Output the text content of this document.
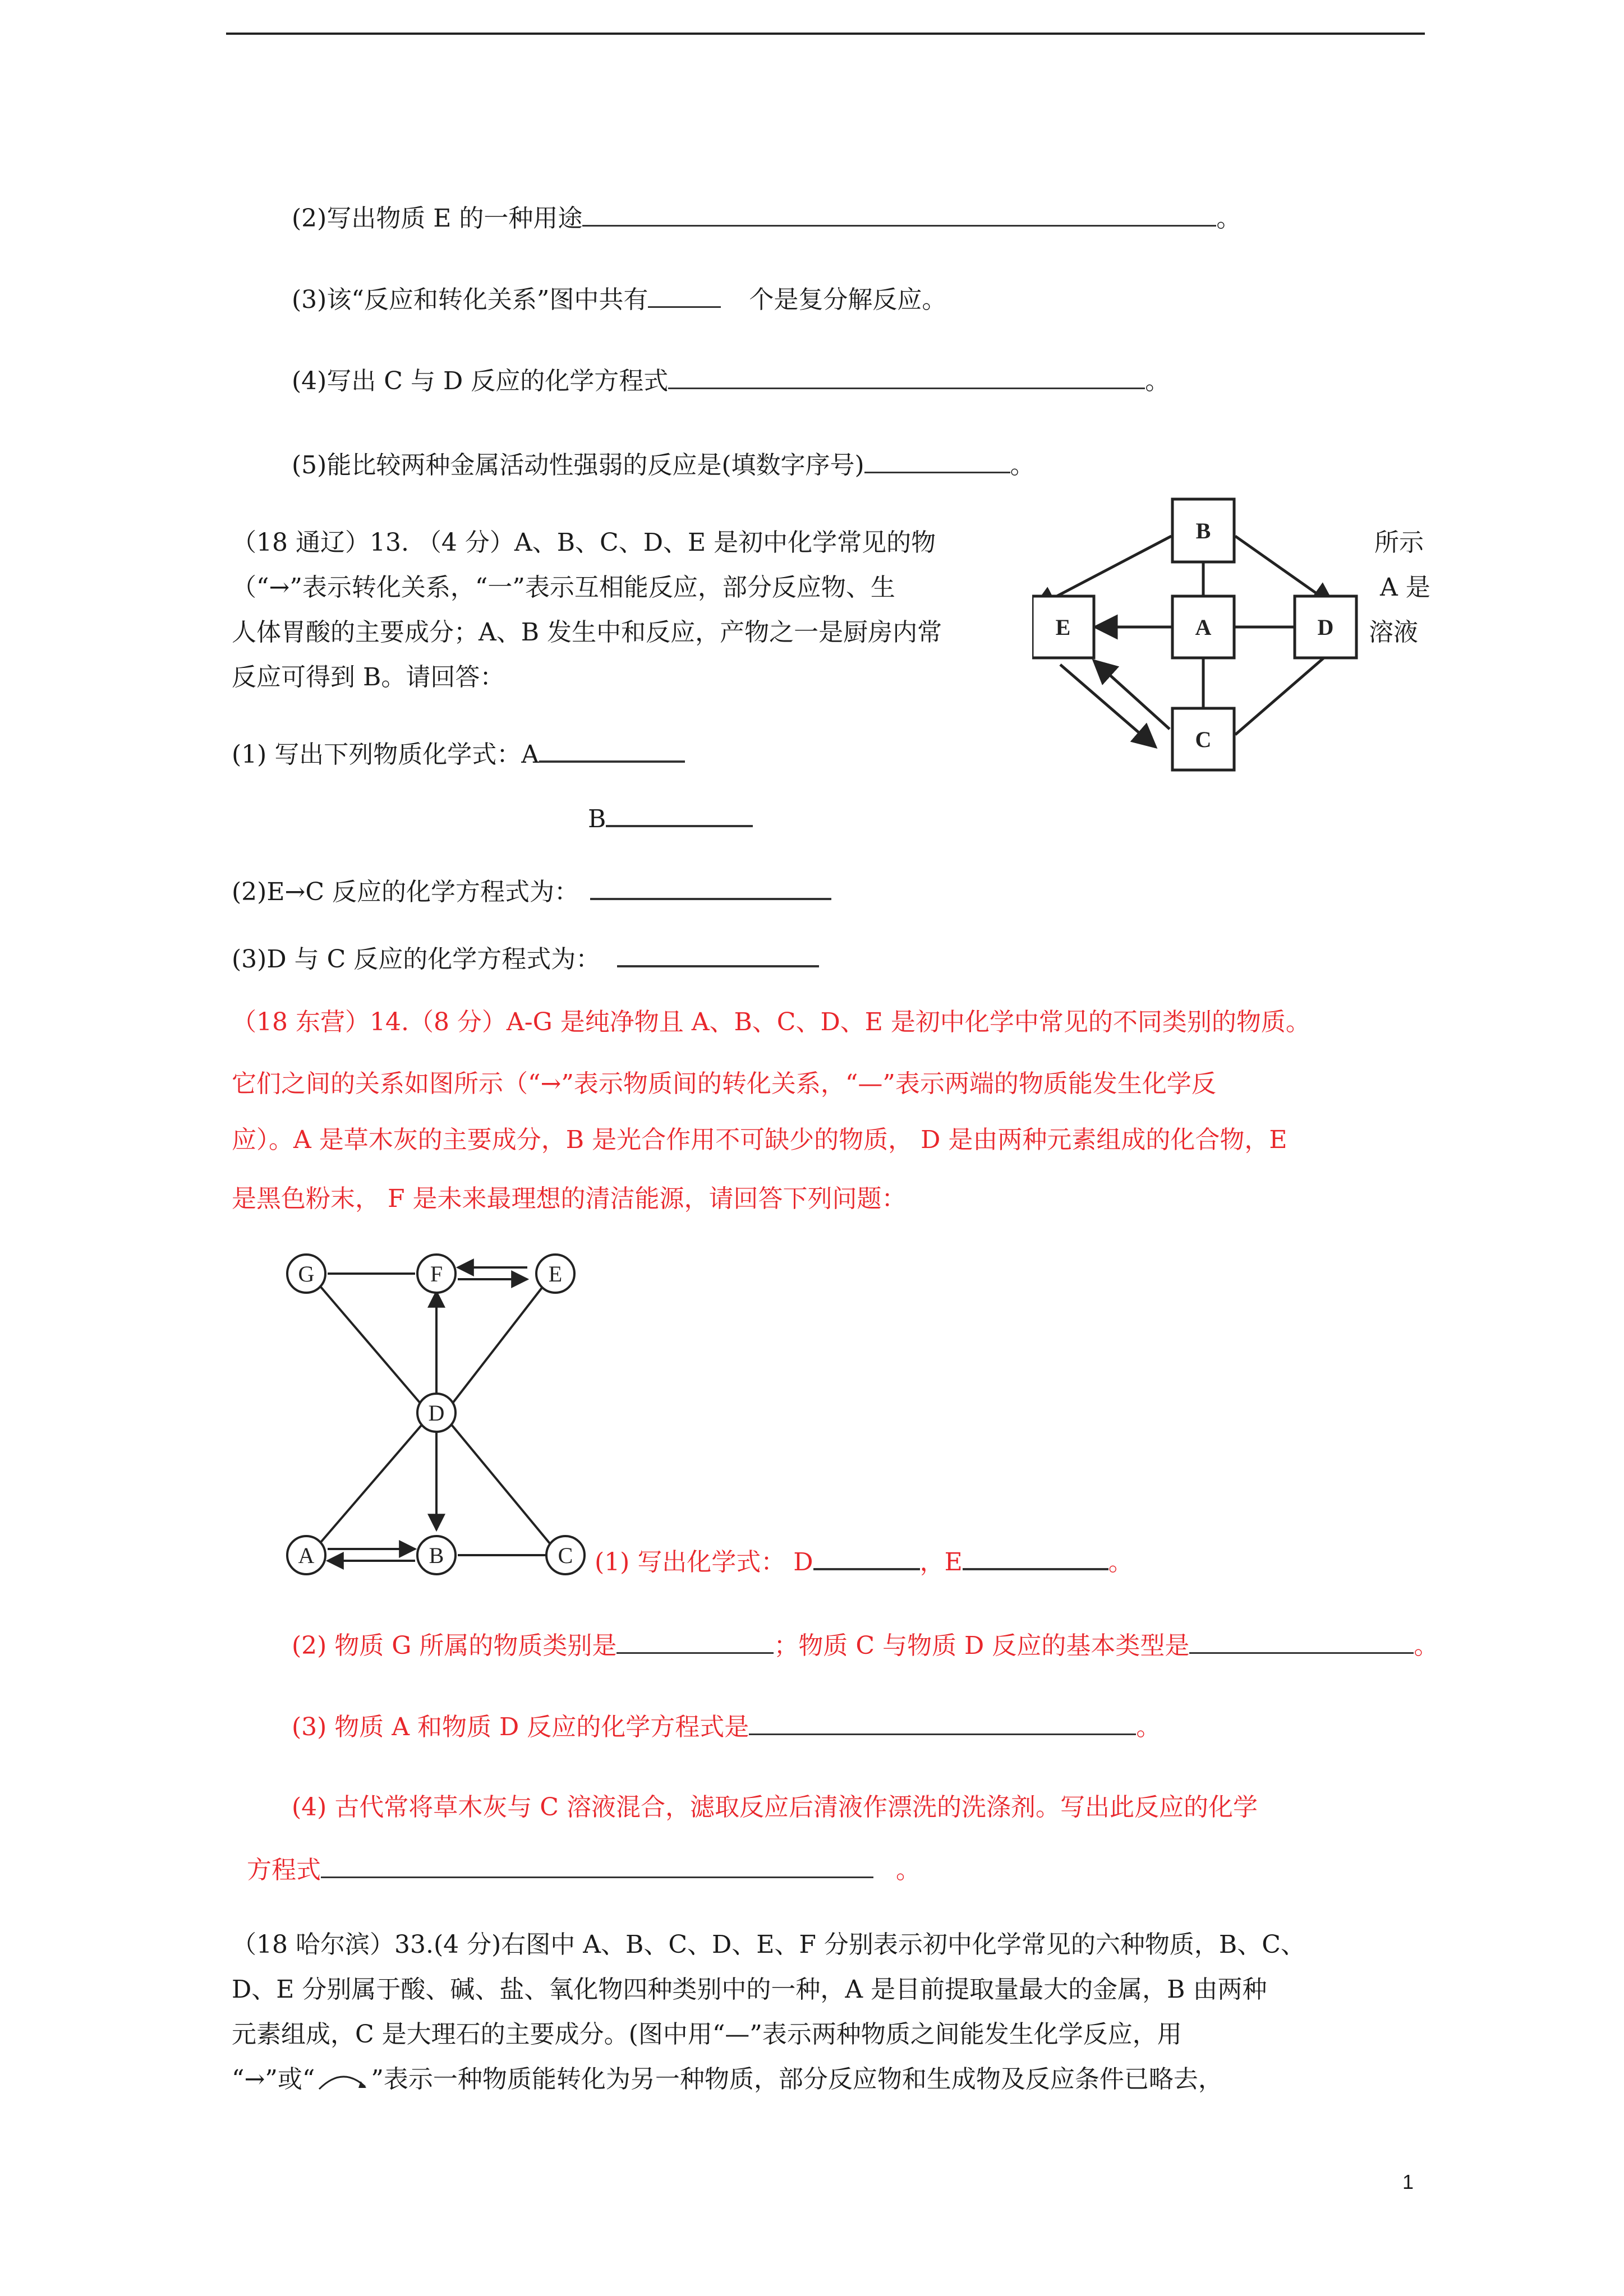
(2)写出物质 E 的一种用途	。
(3)该“反应和转化关系”图中共有	个是复分解反应。
(4)写出 C 与 D 反应的化学方程式	。
(5)能比较两种金属活动性强弱的反应是(填数字序号)	。
（18 通辽）13. （4 分）A、B、C、D、E 是初中化学常见的物	所示
（“→”表示转化关系，“一”表示互相能反应，部分反应物、生	A 是
人体胃酸的主要成分；A、B 发生中和反应，产物之一是厨房内常	溶液
反应可得到 B。请回答：
B
E	A	D
C
(1) 写出下列物质化学式：A
B
(2)E→C 反应的化学方程式为：
(3)D 与 C 反应的化学方程式为：
（18 东营）14.（8 分）A-G 是纯净物且 A、B、C、D、E 是初中化学中常见的不同类别的物质。
它们之间的关系如图所示（“→”表示物质间的转化关系，“—”表示两端的物质能发生化学反
应）。A 是草木灰的主要成分，B 是光合作用不可缺少的物质， D 是由两种元素组成的化合物，E
是黑色粉末， F 是未来最理想的清洁能源，请回答下列问题：
G	F	E
D
A	B	C (1) 写出化学式： D	，E	。
(2) 物质 G 所属的物质类别是	；物质 C 与物质 D 反应的基本类型是	。
(3) 物质 A 和物质 D 反应的化学方程式是	。
(4) 古代常将草木灰与 C 溶液混合，滤取反应后清液作漂洗的洗涤剂。写出此反应的化学
方程式	。
（18 哈尔滨）33.(4 分)右图中 A、B、C、D、E、F 分别表示初中化学常见的六种物质，B、C、
D、E 分别属于酸、碱、盐、氧化物四种类别中的一种，A 是目前提取量最大的金属，B 由两种
元素组成，C 是大理石的主要成分。(图中用“—”表示两种物质之间能发生化学反应，用
“→”或“ ”表示一种物质能转化为另一种物质，部分反应物和生成物及反应条件已略去，
1
